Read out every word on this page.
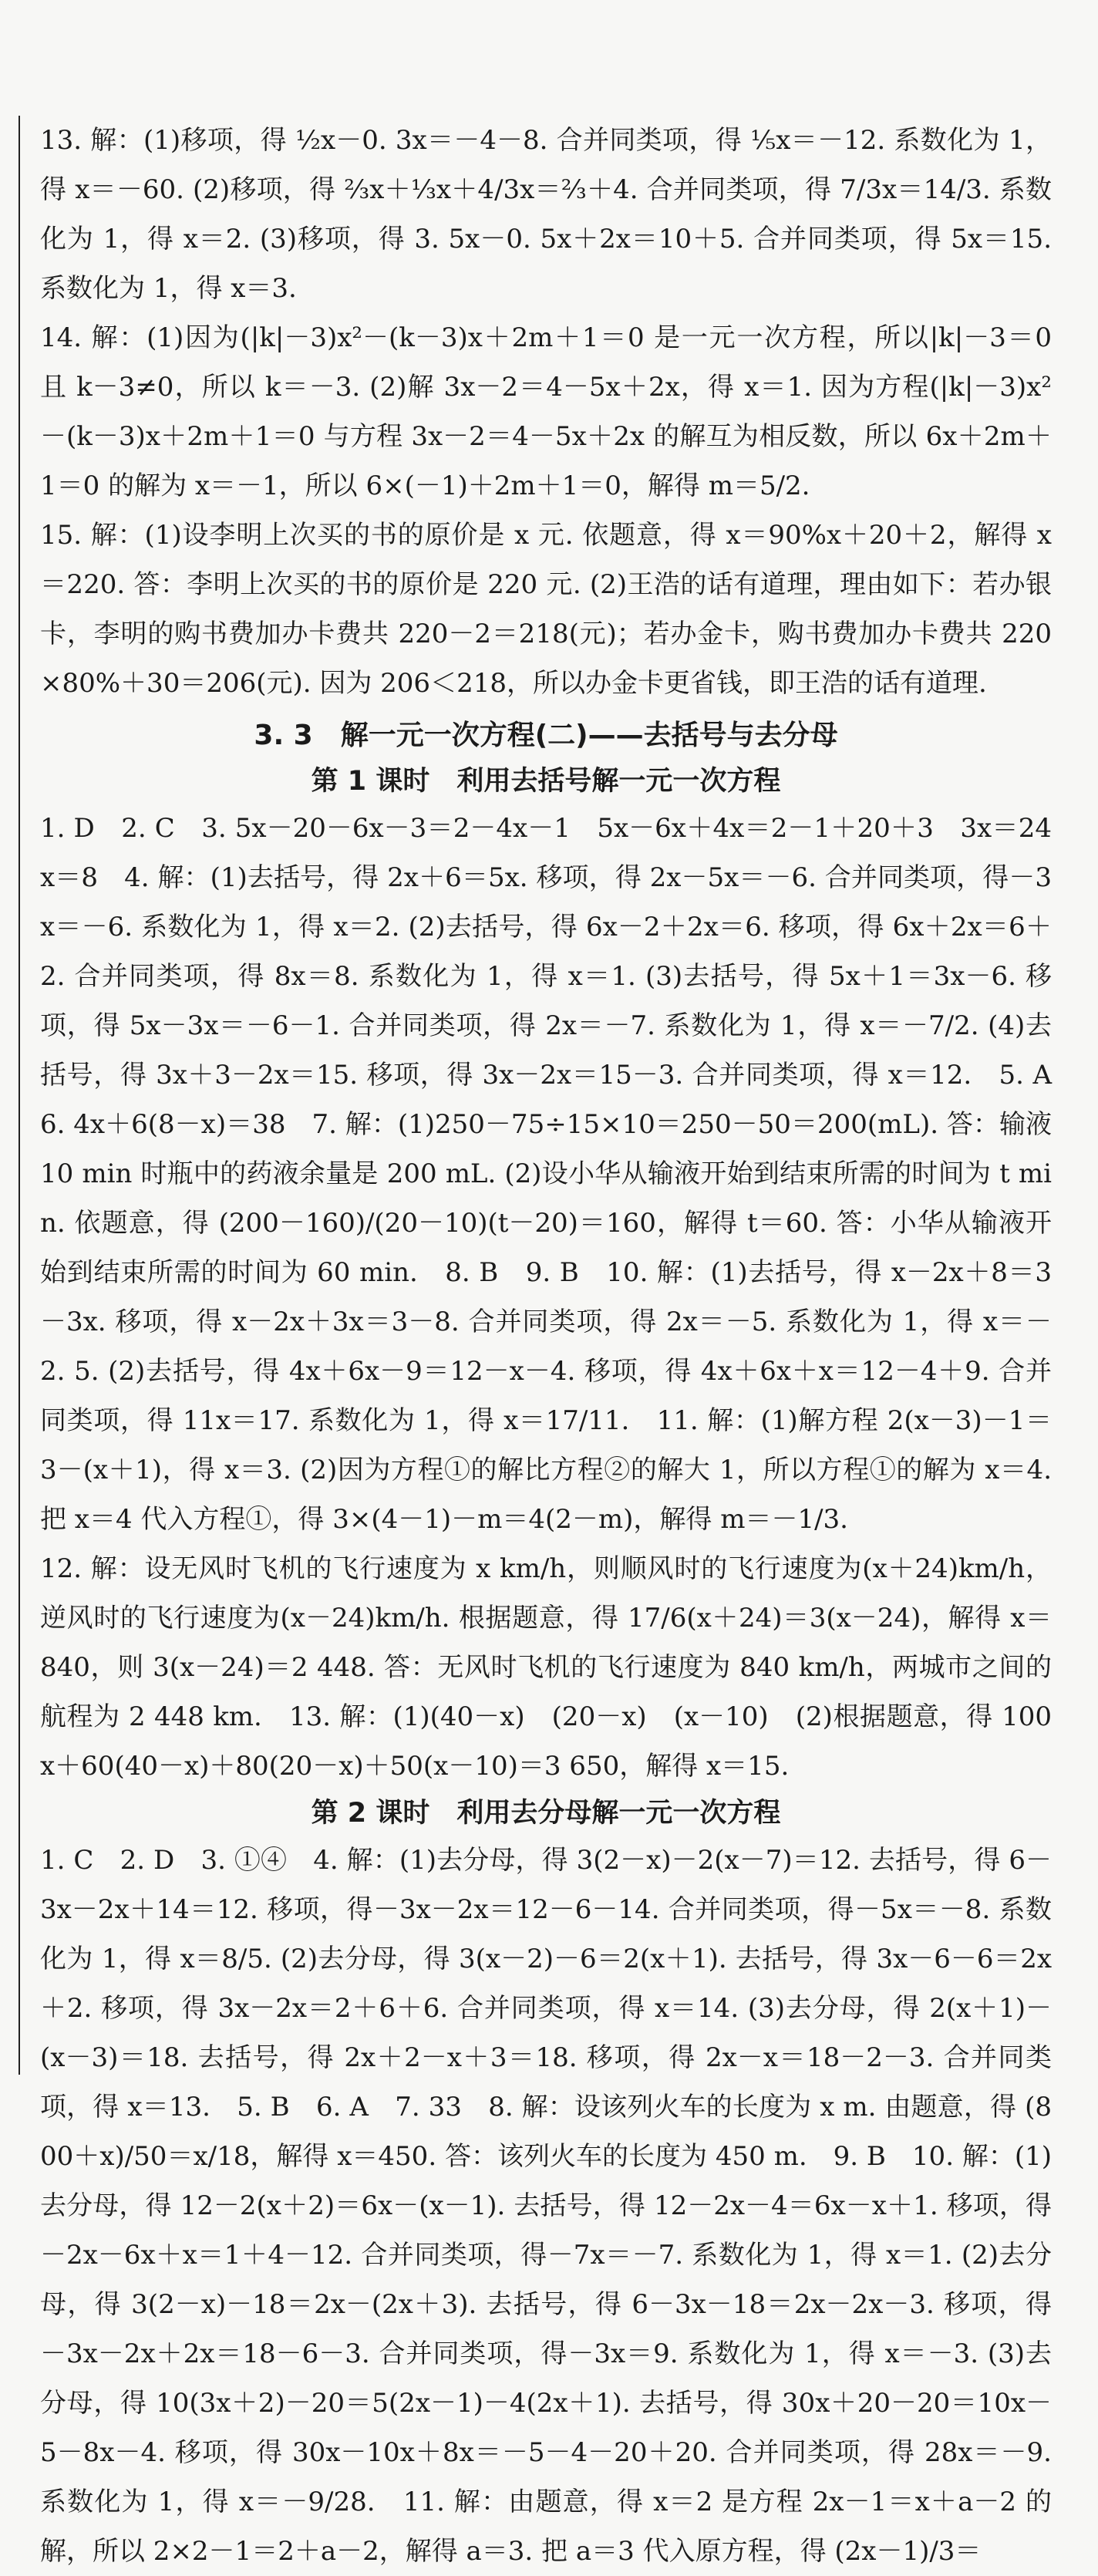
13. 解：(1)移项，得 ½x－0. 3x＝－4－8. 合并同类项，得 ⅕x＝－12. 系数化为 1，得 x＝－60. (2)移项，得 ⅔x＋⅓x＋4/3x＝⅔＋4. 合并同类项，得 7/3x＝14/3. 系数化为 1，得 x＝2. (3)移项，得 3. 5x－0. 5x＋2x＝10＋5. 合并同类项，得 5x＝15. 系数化为 1，得 x＝3.

14. 解：(1)因为(|k|－3)x²－(k－3)x＋2m＋1＝0 是一元一次方程，所以|k|－3＝0 且 k－3≠0，所以 k＝－3. (2)解 3x－2＝4－5x＋2x，得 x＝1. 因为方程(|k|－3)x²－(k－3)x＋2m＋1＝0 与方程 3x－2＝4－5x＋2x 的解互为相反数，所以 6x＋2m＋1＝0 的解为 x＝－1，所以 6×(－1)＋2m＋1＝0，解得 m＝5/2.

15. 解：(1)设李明上次买的书的原价是 x 元. 依题意，得 x＝90%x＋20＋2，解得 x＝220. 答：李明上次买的书的原价是 220 元. (2)王浩的话有道理，理由如下：若办银卡，李明的购书费加办卡费共 220－2＝218(元)；若办金卡，购书费加办卡费共 220×80%＋30＝206(元). 因为 206＜218，所以办金卡更省钱，即王浩的话有道理.

3. 3　解一元一次方程(二)——去括号与去分母
第 1 课时　利用去括号解一元一次方程

1. D　2. C　3. 5x－20－6x－3＝2－4x－1　5x－6x＋4x＝2－1＋20＋3　3x＝24　x＝8　4. 解：(1)去括号，得 2x＋6＝5x. 移项，得 2x－5x＝－6. 合并同类项，得－3x＝－6. 系数化为 1，得 x＝2. (2)去括号，得 6x－2＋2x＝6. 移项，得 6x＋2x＝6＋2. 合并同类项，得 8x＝8. 系数化为 1，得 x＝1. (3)去括号，得 5x＋1＝3x－6. 移项，得 5x－3x＝－6－1. 合并同类项，得 2x＝－7. 系数化为 1，得 x＝－7/2. (4)去括号，得 3x＋3－2x＝15. 移项，得 3x－2x＝15－3. 合并同类项，得 x＝12.　5. A　6. 4x＋6(8－x)＝38　7. 解：(1)250－75÷15×10＝250－50＝200(mL). 答：输液 10 min 时瓶中的药液余量是 200 mL. (2)设小华从输液开始到结束所需的时间为 t min. 依题意，得 (200－160)/(20－10)(t－20)＝160，解得 t＝60. 答：小华从输液开始到结束所需的时间为 60 min.　8. B　9. B　10. 解：(1)去括号，得 x－2x＋8＝3－3x. 移项，得 x－2x＋3x＝3－8. 合并同类项，得 2x＝－5. 系数化为 1，得 x＝－2. 5. (2)去括号，得 4x＋6x－9＝12－x－4. 移项，得 4x＋6x＋x＝12－4＋9. 合并同类项，得 11x＝17. 系数化为 1，得 x＝17/11.　11. 解：(1)解方程 2(x－3)－1＝3－(x＋1)，得 x＝3. (2)因为方程①的解比方程②的解大 1，所以方程①的解为 x＝4. 把 x＝4 代入方程①，得 3×(4－1)－m＝4(2－m)，解得 m＝－1/3.

12. 解：设无风时飞机的飞行速度为 x km/h，则顺风时的飞行速度为(x＋24)km/h，逆风时的飞行速度为(x－24)km/h. 根据题意，得 17/6(x＋24)＝3(x－24)，解得 x＝840，则 3(x－24)＝2 448. 答：无风时飞机的飞行速度为 840 km/h，两城市之间的航程为 2 448 km.　13. 解：(1)(40－x)　(20－x)　(x－10)　(2)根据题意，得 100x＋60(40－x)＋80(20－x)＋50(x－10)＝3 650，解得 x＝15.

第 2 课时　利用去分母解一元一次方程

1. C　2. D　3. ①④　4. 解：(1)去分母，得 3(2－x)－2(x－7)＝12. 去括号，得 6－3x－2x＋14＝12. 移项，得－3x－2x＝12－6－14. 合并同类项，得－5x＝－8. 系数化为 1，得 x＝8/5. (2)去分母，得 3(x－2)－6＝2(x＋1). 去括号，得 3x－6－6＝2x＋2. 移项，得 3x－2x＝2＋6＋6. 合并同类项，得 x＝14. (3)去分母，得 2(x＋1)－(x－3)＝18. 去括号，得 2x＋2－x＋3＝18. 移项，得 2x－x＝18－2－3. 合并同类项，得 x＝13.　5. B　6. A　7. 33　8. 解：设该列火车的长度为 x m. 由题意，得 (800＋x)/50＝x/18，解得 x＝450. 答：该列火车的长度为 450 m.　9. B　10. 解：(1)去分母，得 12－2(x＋2)＝6x－(x－1). 去括号，得 12－2x－4＝6x－x＋1. 移项，得－2x－6x＋x＝1＋4－12. 合并同类项，得－7x＝－7. 系数化为 1，得 x＝1. (2)去分母，得 3(2－x)－18＝2x－(2x＋3). 去括号，得 6－3x－18＝2x－2x－3. 移项，得－3x－2x＋2x＝18－6－3. 合并同类项，得－3x＝9. 系数化为 1，得 x＝－3. (3)去分母，得 10(3x＋2)－20＝5(2x－1)－4(2x＋1). 去括号，得 30x＋20－20＝10x－5－8x－4. 移项，得 30x－10x＋8x＝－5－4－20＋20. 合并同类项，得 28x＝－9. 系数化为 1，得 x＝－9/28.　11. 解：由题意，得 x＝2 是方程 2x－1＝x＋a－2 的解，所以 2×2－1＝2＋a－2，解得 a＝3. 把 a＝3 代入原方程，得 (2x－1)/3＝
